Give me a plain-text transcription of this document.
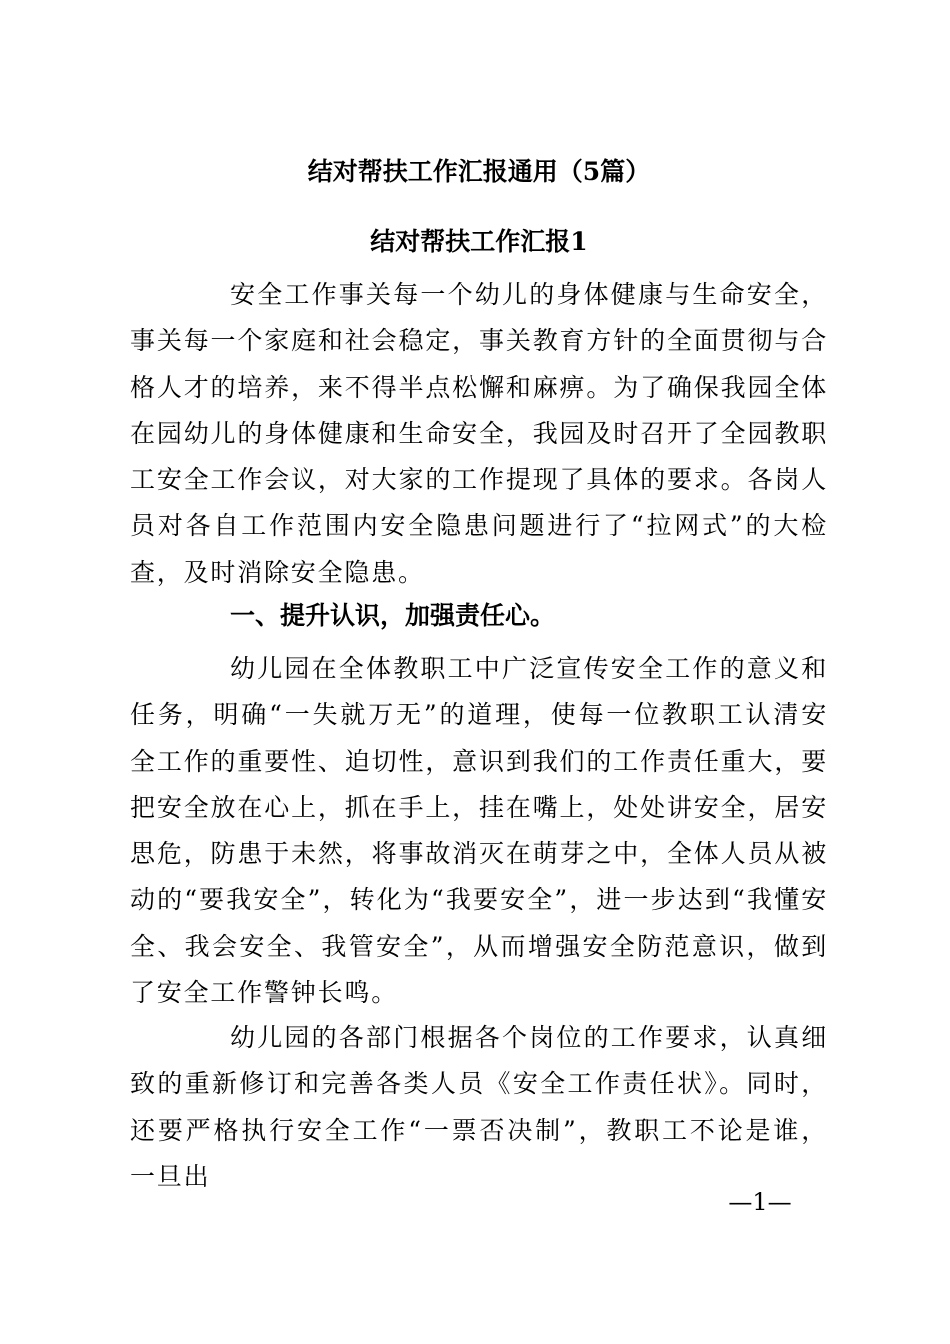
结对帮扶工作汇报通用（5篇）
结对帮扶工作汇报1

安全工作事关每一个幼儿的身体健康与生命安全，事关每一个家庭和社会稳定，事关教育方针的全面贯彻与合格人才的培养，来不得半点松懈和麻痹。为了确保我园全体在园幼儿的身体健康和生命安全，我园及时召开了全园教职工安全工作会议，对大家的工作提现了具体的要求。各岗人员对各自工作范围内安全隐患问题进行了“拉网式”的大检查，及时消除安全隐患。

一、提升认识，加强责任心。

幼儿园在全体教职工中广泛宣传安全工作的意义和任务，明确“一失就万无”的道理，使每一位教职工认清安全工作的重要性、迫切性，意识到我们的工作责任重大，要把安全放在心上，抓在手上，挂在嘴上，处处讲安全，居安思危，防患于未然，将事故消灭在萌芽之中，全体人员从被动的“要我安全”，转化为“我要安全”，进一步达到“我懂安全、我会安全、我管安全”，从而增强安全防范意识，做到了安全工作警钟长鸣。

幼儿园的各部门根据各个岗位的工作要求，认真细致的重新修订和完善各类人员《安全工作责任状》。同时，还要严格执行安全工作“一票否决制”，教职工不论是谁，一旦出

—1—
